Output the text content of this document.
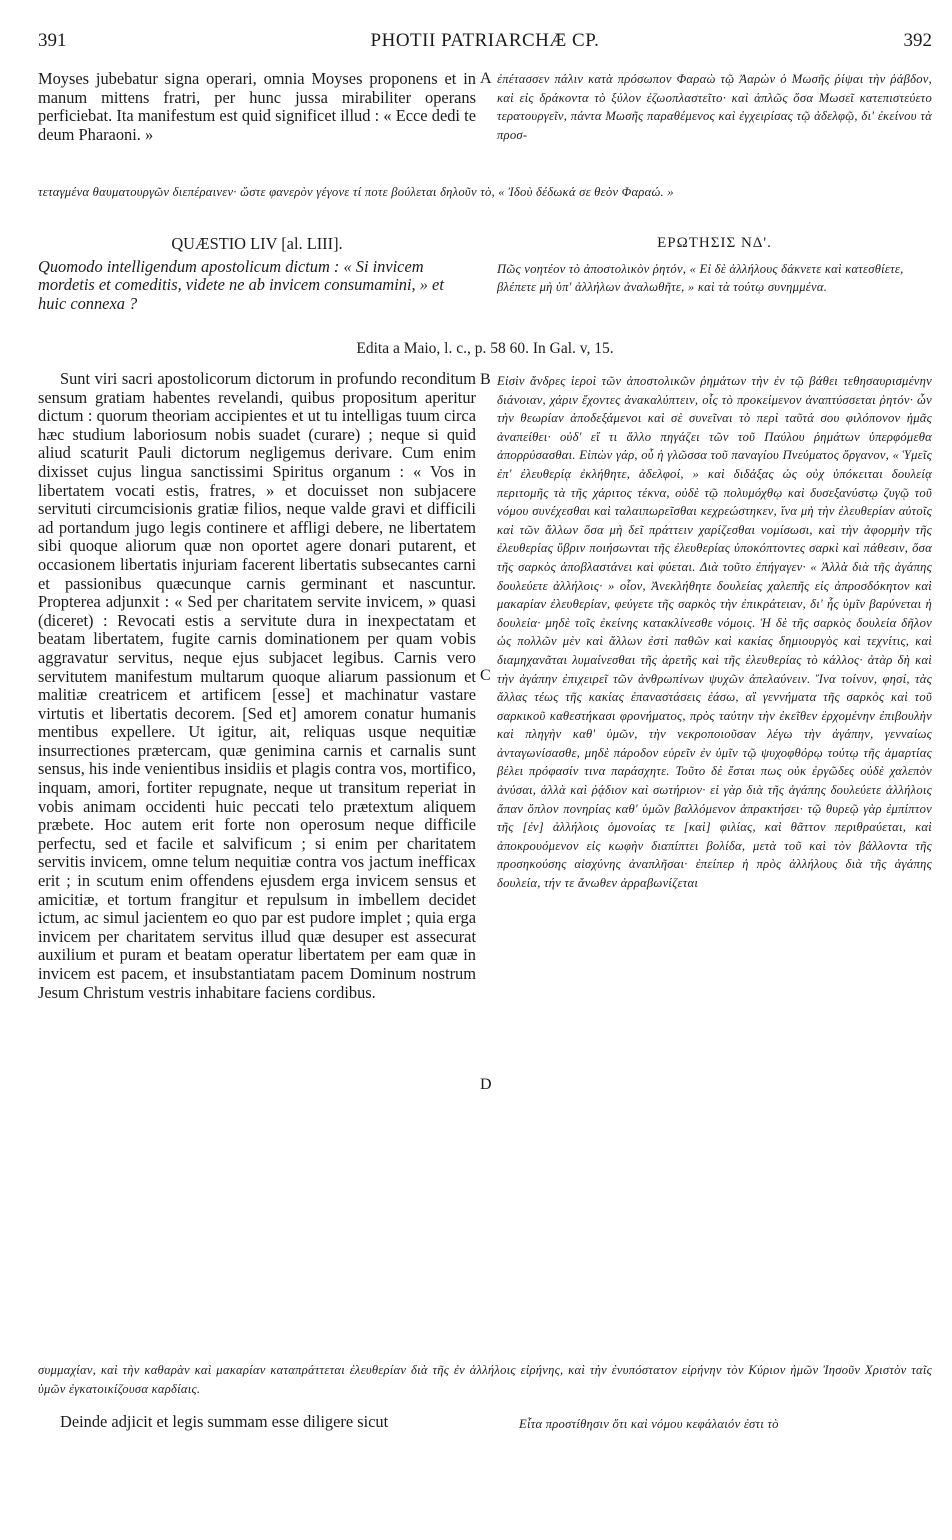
391	PHOTII PATRIARCHÆ CP.	392

Moyses jubebatur signa operari, omnia Moyses proponens et in manum mittens fratri, per hunc jussa mirabiliter operans perficiebat. Ita manifestum est quid significet illud : « Ecce dedi te deum Pharaoni. »

ἐπέτασσεν πάλιν κατὰ πρόσωπον Φαραὼ τῷ Ἀαρὼν ὁ Μωσῆς ῥίψαι τὴν ῥάβδον, καὶ εἰς δράκοντα τὸ ξύλον ἐζωοπλαστεῖτο· καὶ ἁπλῶς ὅσα Μωσεῖ κατεπιστεύετο τερατουργεῖν, πάντα Μωσῆς παραθέμενος καὶ ἐγχειρίσας τῷ ἀδελφῷ, δι' ἐκείνου τὰ προσ-

τεταγμένα θαυματουργῶν διεπέραινεν· ὥστε φανερὸν γέγονε τί ποτε βούλεται δηλοῦν τὸ, « Ἰδοὺ δέδωκά σε θεὸν Φαραώ. »

A
QUÆSTIO LIV [al. LIII].	ΕΡΩΤΗΣΙΣ ΝΔ'.
Quomodo intelligendum apostolicum dictum : « Si invicem mordetis et comeditis, videte ne ab invicem consumamini, » et huic connexa ?
Πῶς νοητέον τὸ ἀποστολικὸν ῥητόν, « Εἰ δὲ ἀλλήλους δάκνετε καὶ κατεσθίετε, βλέπετε μὴ ὑπ' ἀλλήλων ἀναλωθῆτε, » καὶ τὰ τούτῳ συνημμένα.
Edita a Maio, l. c., p. 58 60. In Gal. v, 15.

Sunt viri sacri apostolicorum dictorum in profundo reconditum sensum gratiam habentes revelandi, quibus propositum aperitur dictum : quorum theoriam accipientes et ut tu intelligas tuum circa hæc studium laboriosum nobis suadet (curare) ; neque si quid aliud scaturit Pauli dictorum negligemus derivare. Cum enim dixisset cujus lingua sanctissimi Spiritus organum : « Vos in libertatem vocati estis, fratres, » et docuisset non subjacere servituti circumcisionis gratiæ filios, neque valde gravi et difficili ad portandum jugo legis continere et affligi debere, ne libertatem sibi quoque aliorum quæ non oportet agere donari putarent, et occasionem libertatis injuriam facerent libertatis subsecantes carni et passionibus quæcunque carnis germinant et nascuntur. Propterea adjunxit : « Sed per charitatem servite invicem, » quasi (diceret) : Revocati estis a servitute dura in inexpectatam et beatam libertatem, fugite carnis dominationem per quam vobis aggravatur servitus, neque ejus subjacet legibus. Carnis vero servitutem manifestum multarum quoque aliarum passionum et malitiæ creatricem et artificem [esse] et machinatur vastare virtutis et libertatis decorem. [Sed et] amorem conatur humanis mentibus expellere. Ut igitur, ait, reliquas usque nequitiæ insurrectiones prætercam, quæ genimina carnis et carnalis sunt sensus, his inde venientibus insidiis et plagis contra vos, mortifico, inquam, amori, fortiter repugnate, neque ut transitum reperiat in vobis animam occidenti huic peccati telo prætextum aliquem præbete. Hoc autem erit forte non operosum neque difficile perfectu, sed et facile et salvificum ; si enim per charitatem servitis invicem, omne telum nequitiæ contra vos jactum inefficax erit ; in scutum enim offendens ejusdem erga invicem sensus et amicitiæ, et tortum frangitur et repulsum in imbellem decidet ictum, ac simul jacientem eo quo par est pudore implet ; quia erga invicem per charitatem servitus illud quæ desuper est assecurat auxilium et puram et beatam operatur libertatem per eam quæ in invicem est pacem, et insubstantiatam pacem Dominum nostrum Jesum Christum vestris inhabitare faciens cordibus.

Εἰσὶν ἄνδρες ἱεροὶ τῶν ἀποστολικῶν ῥημάτων τὴν ἐν τῷ βάθει τεθησαυρισμένην διάνοιαν, χάριν ἔχοντες ἀνακαλύπτειν, οἷς τὸ προκείμενον ἀναπτύσσεται ῥητόν· ὧν τὴν θεωρίαν ἀποδεξάμενοι καὶ σὲ συνεῖναι τὸ περὶ ταῦτά σου φιλόπονον ἡμᾶς ἀναπείθει· οὐδ' εἴ τι ἄλλο πηγάζει τῶν τοῦ Παύλου ῥημάτων ὑπερφόμεθα ἀπορρύσασθαι. Εἰπὼν γάρ, οὗ ἡ γλῶσσα τοῦ παναγίου Πνεύματος ὄργανον, « Ὑμεῖς ἐπ' ἐλευθερίᾳ ἐκλήθητε, ἀδελφοί, » καὶ διδάξας ὡς οὐχ ὑπόκειται δουλείᾳ περιτομῆς τὰ τῆς χάριτος τέκνα, οὐδὲ τῷ πολυμόχθῳ καὶ δυσεξανύστῳ ζυγῷ τοῦ νόμου συνέχεσθαι καὶ ταλαιπωρεῖσθαι κεχρεώστηκεν, ἵνα μὴ τὴν ἐλευθερίαν αὐτοῖς καὶ τῶν ἄλλων ὅσα μὴ δεῖ πράττειν χαρίζεσθαι νομίσωσι, καὶ τὴν ἀφορμὴν τῆς ἐλευθερίας ὕβριν ποιήσωνται τῆς ἐλευθερίας ὑποκόπτοντες σαρκὶ καὶ πάθεσιν, ὅσα τῆς σαρκὸς ἀποβλαστάνει καὶ φύεται. Διὰ τοῦτο ἐπήγαγεν· « Ἀλλὰ διὰ τῆς ἀγάπης δουλεύετε ἀλλήλοις· » οἷον, Ἀνεκλήθητε δουλείας χαλεπῆς εἰς ἀπροσδόκητον καὶ μακαρίαν ἐλευθερίαν, φεύγετε τῆς σαρκὸς τὴν ἐπικράτειαν, δι' ἧς ὑμῖν βαρύνεται ἡ δουλεία· μηδὲ τοῖς ἐκείνης κατακλίνεσθε νόμοις. Ἡ δὲ τῆς σαρκὸς δουλεία δῆλον ὡς πολλῶν μὲν καὶ ἄλλων ἐστὶ παθῶν καὶ κακίας δημιουργὸς καὶ τεχνίτις, καὶ διαμηχανᾶται λυμαίνεσθαι τῆς ἀρετῆς καὶ τῆς ἐλευθερίας τὸ κάλλος· ἀτὰρ δὴ καὶ τὴν ἀγάπην ἐπιχειρεῖ τῶν ἀνθρωπίνων ψυχῶν ἀπελαύνειν. Ἵνα τοίνυν, φησί, τὰς ἄλλας τέως τῆς κακίας ἐπαναστάσεις ἐάσω, αἳ γεννήματα τῆς σαρκὸς καὶ τοῦ σαρκικοῦ καθεστήκασι φρονήματος, πρὸς ταύτην τὴν ἐκεῖθεν ἐρχομένην ἐπιβουλὴν καὶ πληγὴν καθ' ὑμῶν, τὴν νεκροποιοῦσαν λέγω τὴν ἀγάπην, γενναίως ἀνταγωνίσασθε, μηδὲ πάροδον εὑρεῖν ἐν ὑμῖν τῷ ψυχοφθόρῳ τούτῳ τῆς ἁμαρτίας βέλει πρόφασίν τινα παράσχητε. Τοῦτο δὲ ἔσται πως οὐκ ἐργῶδες οὐδὲ χαλεπὸν ἀνύσαι, ἀλλὰ καὶ ῥᾴδιον καὶ σωτήριον· εἰ γὰρ διὰ τῆς ἀγάπης δουλεύετε ἀλλήλοις ἅπαν ὅπλον πονηρίας καθ' ὑμῶν βαλλόμενον ἀπρακτήσει· τῷ θυρεῷ γὰρ ἐμπίπτον τῆς [ἐν] ἀλλήλοις ὁμονοίας τε [καὶ] φιλίας, καὶ θᾶττον περιθραύεται, καὶ ἀποκρουόμενον εἰς κωφὴν διαπίπτει βολίδα, μετὰ τοῦ καὶ τὸν βάλλοντα τῆς προσηκούσης αἰσχύνης ἀναπλῆσαι· ἐπείπερ ἡ πρὸς ἀλλήλους διὰ τῆς ἀγάπης δουλεία, τήν τε ἄνωθεν ἀρραβωνίζεται

B
C
D

συμμαχίαν, καὶ τὴν καθαρὰν καὶ μακαρίαν καταπράττεται ἐλευθερίαν διὰ τῆς ἐν ἀλλήλοις εἰρήνης, καὶ τὴν ἐνυπόστατον εἰρήνην τὸν Κύριον ἡμῶν Ἰησοῦν Χριστὸν ταῖς ὑμῶν ἐγκατοικίζουσα καρδίαις.

Deinde adjicit et legis summam esse diligere sicut	Εἶτα προστίθησιν ὅτι καὶ νόμου κεφάλαιόν ἐστι τὸ
